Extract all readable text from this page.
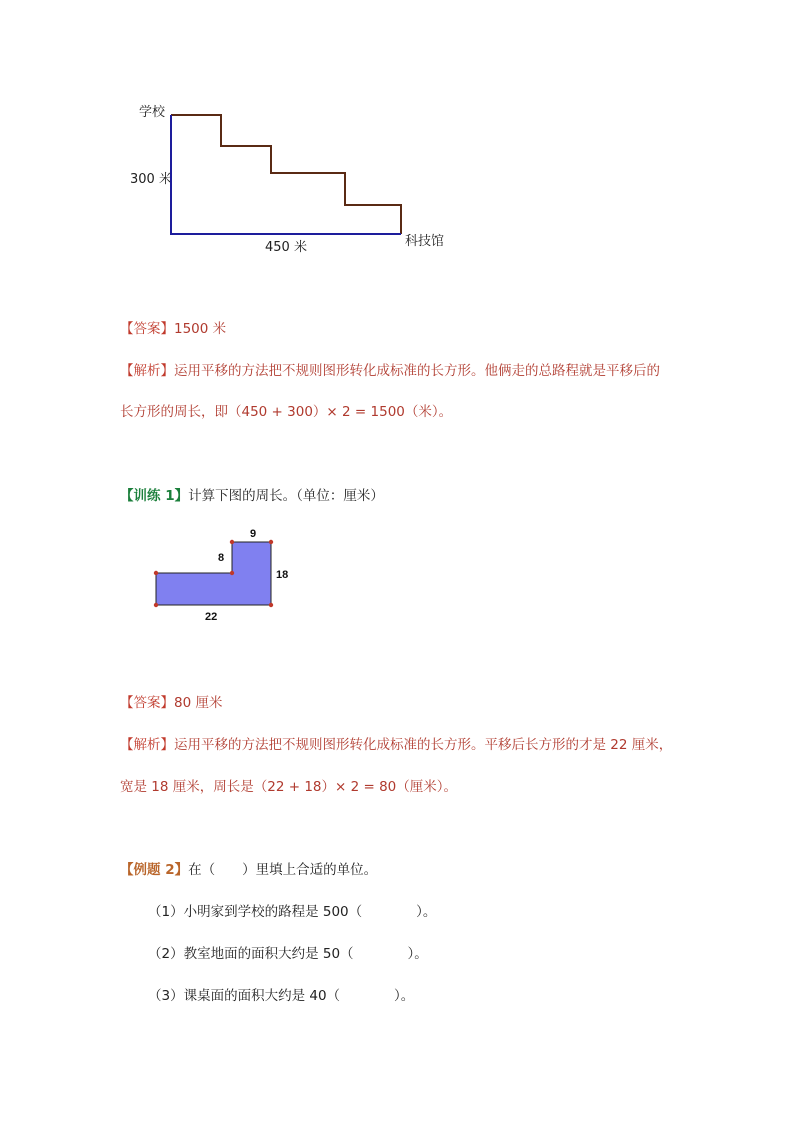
学校
300 米
450 米	科技馆
【答案】1500 米
【解析】运用平移的方法把不规则图形转化成标准的长方形。他俩走的总路程就是平移后的
长方形的周长，即（450 + 300）× 2 = 1500（米）。
【训练 1】计算下图的周长。（单位：厘米）
9
8
18
22
【答案】80 厘米
【解析】运用平移的方法把不规则图形转化成标准的长方形。平移后长方形的才是 22 厘米，
宽是 18 厘米，周长是（22 + 18）× 2 = 80（厘米）。
【例题 2】在（　　）里填上合适的单位。
（1）小明家到学校的路程是 500（　　　　）。
（2）教室地面的面积大约是 50（　　　　）。
（3）课桌面的面积大约是 40（　　　　）。
